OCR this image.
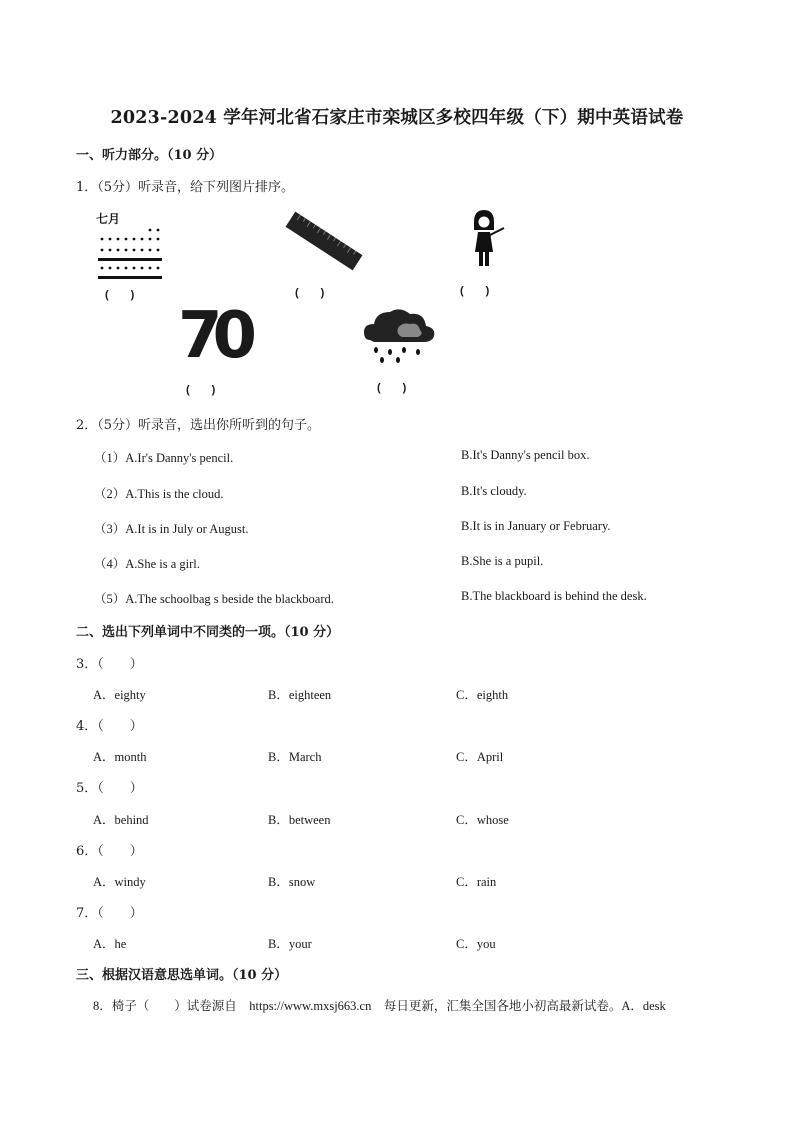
2023-2024 学年河北省石家庄市栾城区多校四年级（下）期中英语试卷
一、听力部分。（10 分）
1．（5分）听录音，给下列图片排序。
七月
(　　)	(　　)	(　　)
70
(　　)	(　　)
2．（5分）听录音，选出你所听到的句子。
（1）A.Ir's Danny's pencil.	B.It's Danny's pencil box.
（2）A.This is the cloud.	B.It's cloudy.
（3）A.It is in July or August.	B.It is in January or February.
（4）A.She is a girl.	B.She is a pupil.
（5）A.The schoolbag s beside the blackboard.	B.The blackboard is behind the desk.
二、选出下列单词中不同类的一项。（10 分）
3．（　　）
A．eighty	B．eighteen	C．eighth
4．（　　）
A．month	B．March	C．April
5．（　　）
A．behind	B．between	C．whose
6．（　　）
A．windy	B．snow	C．rain
7．（　　）
A．he	B．your	C．you
三、根据汉语意思选单词。（10 分）
8．椅子（　　）试卷源自　https://www.mxsj663.cn　每日更新，汇集全国各地小初高最新试卷。A．desk
